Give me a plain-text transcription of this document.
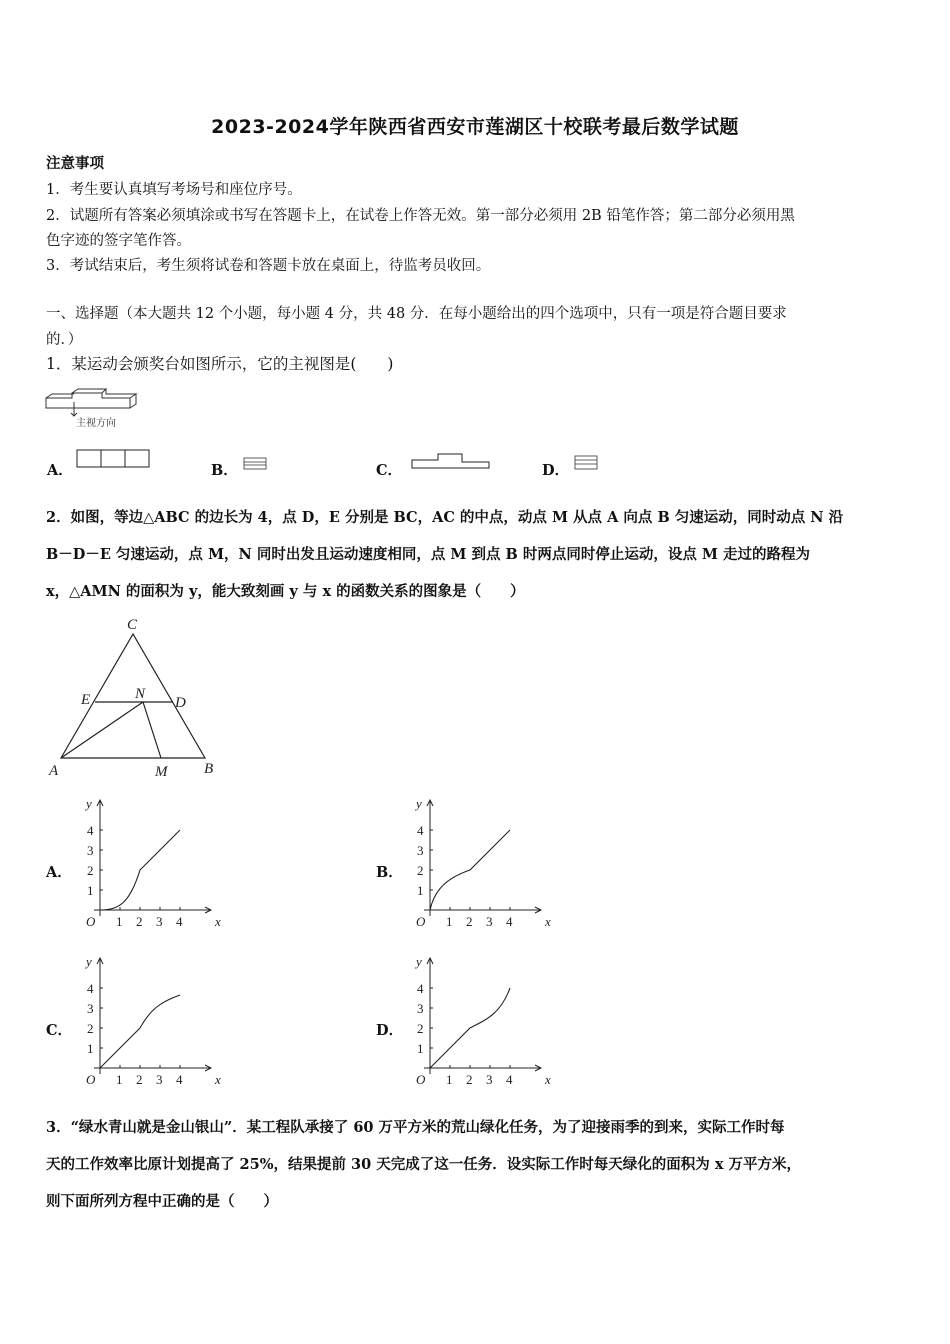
2023-2024学年陕西省西安市莲湖区十校联考最后数学试题
注意事项
1．考生要认真填写考场号和座位序号。
2．试题所有答案必须填涂或书写在答题卡上，在试卷上作答无效。第一部分必须用 2B 铅笔作答；第二部分必须用黑
色字迹的签字笔作答。
3．考试结束后，考生须将试卷和答题卡放在桌面上，待监考员收回。
一、选择题（本大题共 12 个小题，每小题 4 分，共 48 分．在每小题给出的四个选项中，只有一项是符合题目要求
的．）
1．某运动会颁奖台如图所示，它的主视图是(　　)
主视方向
A．	B．	C．	D．
2．如图，等边△ABC 的边长为 4，点 D，E 分别是 BC，AC 的中点，动点 M 从点 A 向点 B 匀速运动，同时动点 N 沿
B－D－E 匀速运动，点 M，N 同时出发且运动速度相同，点 M 到点 B 时两点同时停止运动，设点 M 走过的路程为
x，△AMN 的面积为 y，能大致刻画 y 与 x 的函数关系的图象是（　　）
C
E	N
D
A	M B
A．
y
x
O 1 2 3 4
1
2
3
4
B．
y
x
O 1 2 3 4
1
2
3
4
C．
y
x
O 1 2 3 4
1
2
3
4
D．
y
x
O 1 2 3 4
1
2
3
4
3．“绿水青山就是金山银山”．某工程队承接了 60 万平方米的荒山绿化任务，为了迎接雨季的到来，实际工作时每
天的工作效率比原计划提高了 25%，结果提前 30 天完成了这一任务．设实际工作时每天绿化的面积为 x 万平方米，
则下面所列方程中正确的是（　　）
